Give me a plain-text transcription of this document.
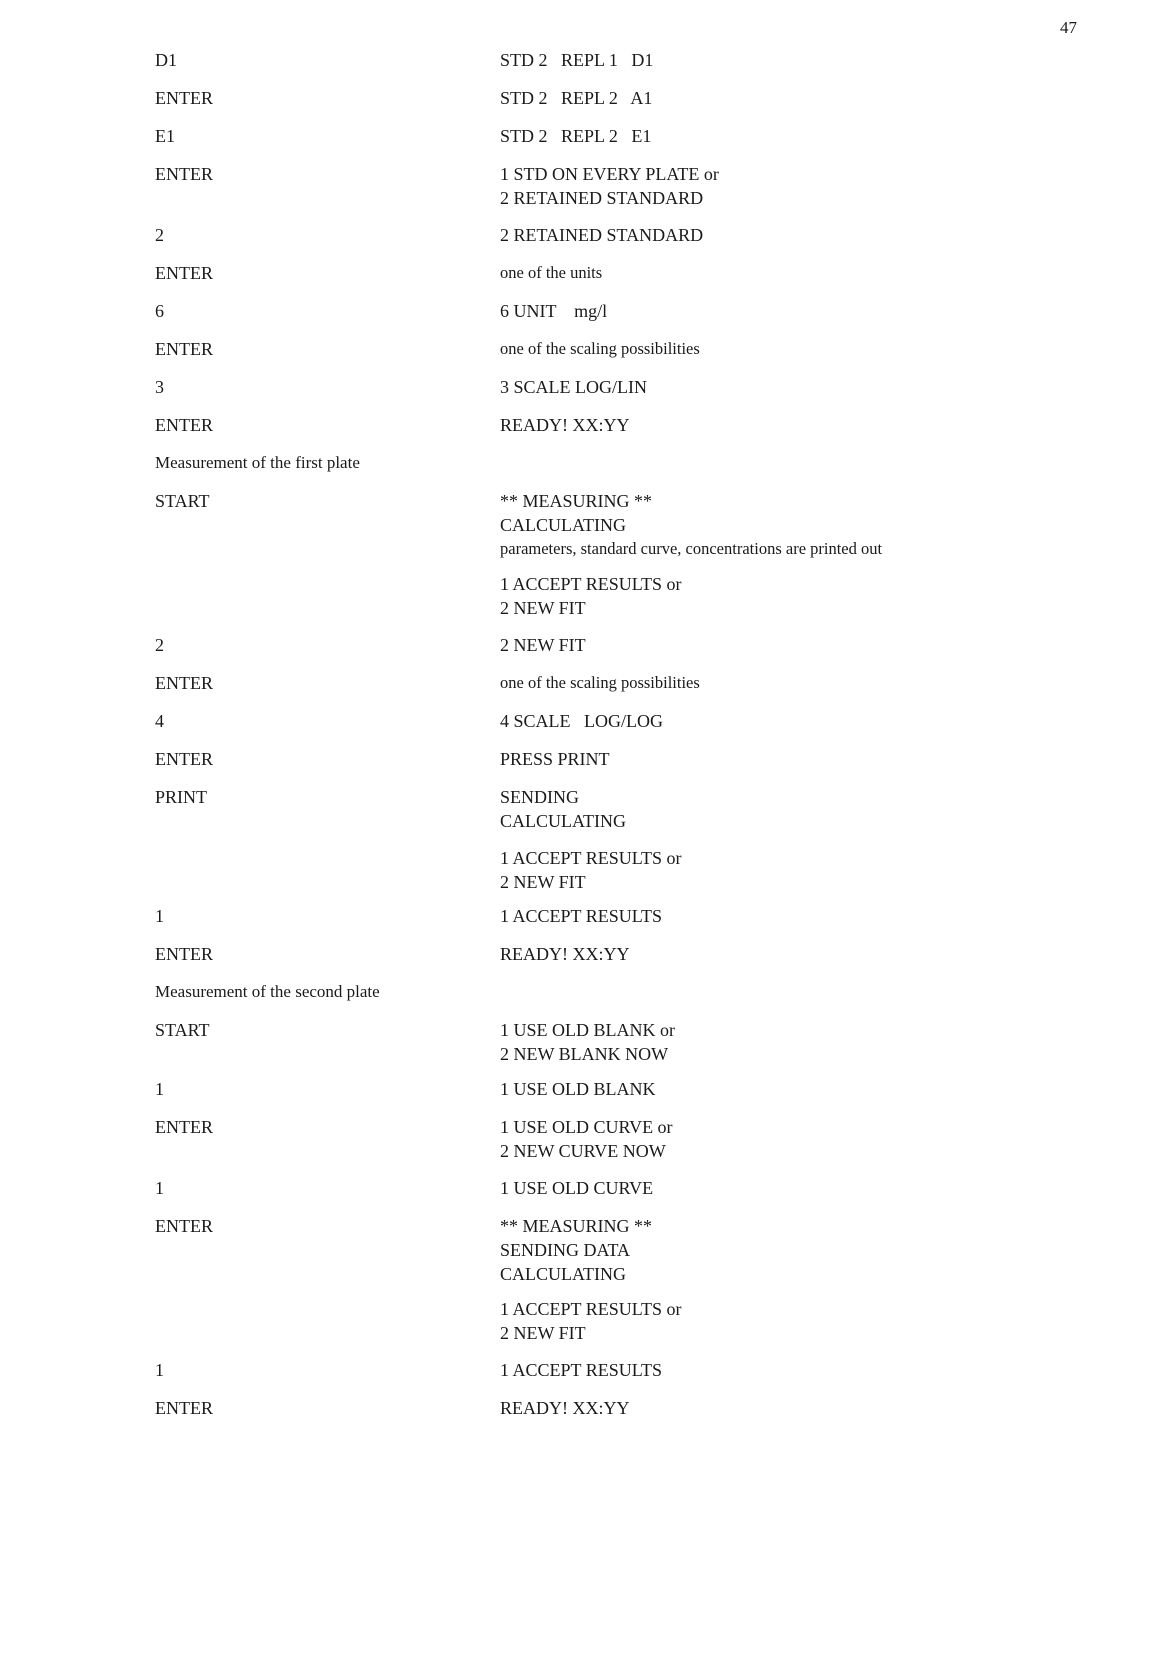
47
D1	STD 2   REPL 1   D1
ENTER	STD 2   REPL 2   A1
E1	STD 2   REPL 2   E1
ENTER	1 STD ON EVERY PLATE or
2 RETAINED STANDARD
2	2 RETAINED STANDARD
ENTER	one of the units
6	6 UNIT    mg/l
ENTER	one of the scaling possibilities
3	3 SCALE LOG/LIN
ENTER	READY! XX:YY
Measurement of the first plate
START	** MEASURING **
CALCULATING
parameters, standard curve, concentrations are printed out
1 ACCEPT RESULTS or
2 NEW FIT
2	2 NEW FIT
ENTER	one of the scaling possibilities
4	4 SCALE   LOG/LOG
ENTER	PRESS PRINT
PRINT	SENDING
CALCULATING
1 ACCEPT RESULTS or
2 NEW FIT
1	1 ACCEPT RESULTS
ENTER	READY! XX:YY
Measurement of the second plate
START	1 USE OLD BLANK or
2 NEW BLANK NOW
1	1 USE OLD BLANK
ENTER	1 USE OLD CURVE or
2 NEW CURVE NOW
1	1 USE OLD CURVE
ENTER	** MEASURING **
SENDING DATA
CALCULATING
1 ACCEPT RESULTS or
2 NEW FIT
1	1 ACCEPT RESULTS
ENTER	READY! XX:YY
